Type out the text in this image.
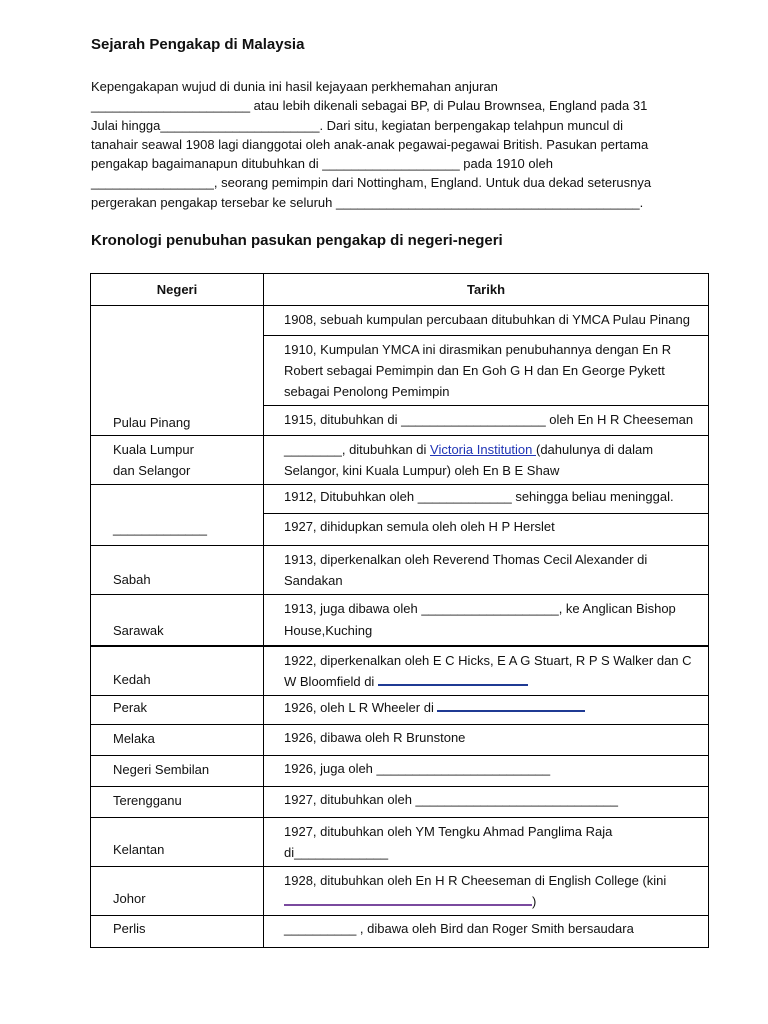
Sejarah Pengakap di Malaysia
Kepengakapan wujud di dunia ini hasil kejayaan perkhemahan anjuran
______________________ atau lebih dikenali sebagai BP, di Pulau Brownsea, England pada 31
Julai hingga______________________. Dari situ, kegiatan berpengakap telahpun muncul di
tanahair seawal 1908 lagi dianggotai oleh anak-anak pegawai-pegawai British. Pasukan pertama
pengakap bagaimanapun ditubuhkan di ___________________ pada 1910 oleh
_________________, seorang pemimpin dari Nottingham, England. Untuk dua dekad seterusnya
pergerakan pengakap tersebar ke seluruh __________________________________________.
Kronologi penubuhan pasukan pengakap di negeri-negeri
Negeri	Tarikh
Pulau Pinang	1908, sebuah kumpulan percubaan ditubuhkan di YMCA Pulau Pinang
	1910, Kumpulan YMCA ini dirasmikan penubuhannya dengan En R Robert sebagai Pemimpin dan En Goh G H dan En George Pykett sebagai Penolong Pemimpin
	1915, ditubuhkan di ____________________ oleh En H R Cheeseman

Kuala Lumpur
dan Selangor	________, ditubuhkan di Victoria Institution (dahulunya di dalam Selangor, kini Kuala Lumpur) oleh En B E Shaw
_____________	1912, Ditubuhkan oleh _____________ sehingga beliau meninggal.
	1927, dihidupkan semula oleh oleh H P Herslet
Sabah	1913, diperkenalkan oleh Reverend Thomas Cecil Alexander di Sandakan
Sarawak	1913, juga dibawa oleh ___________________, ke Anglican Bishop House,Kuching
Kedah	1922, diperkenalkan oleh E C Hicks, E A G Stuart, R P S Walker dan C W Bloomfield di
Perak	1926, oleh L R Wheeler di
Melaka	1926, dibawa oleh R Brunstone
Negeri Sembilan	1926, juga oleh ________________________
Terengganu	1927, ditubuhkan oleh ____________________________
Kelantan	1927, ditubuhkan oleh YM Tengku Ahmad Panglima Raja di_____________
Johor	1928, ditubuhkan oleh En H R Cheeseman di English College (kini )
Perlis	__________ , dibawa oleh Bird dan Roger Smith bersaudara
